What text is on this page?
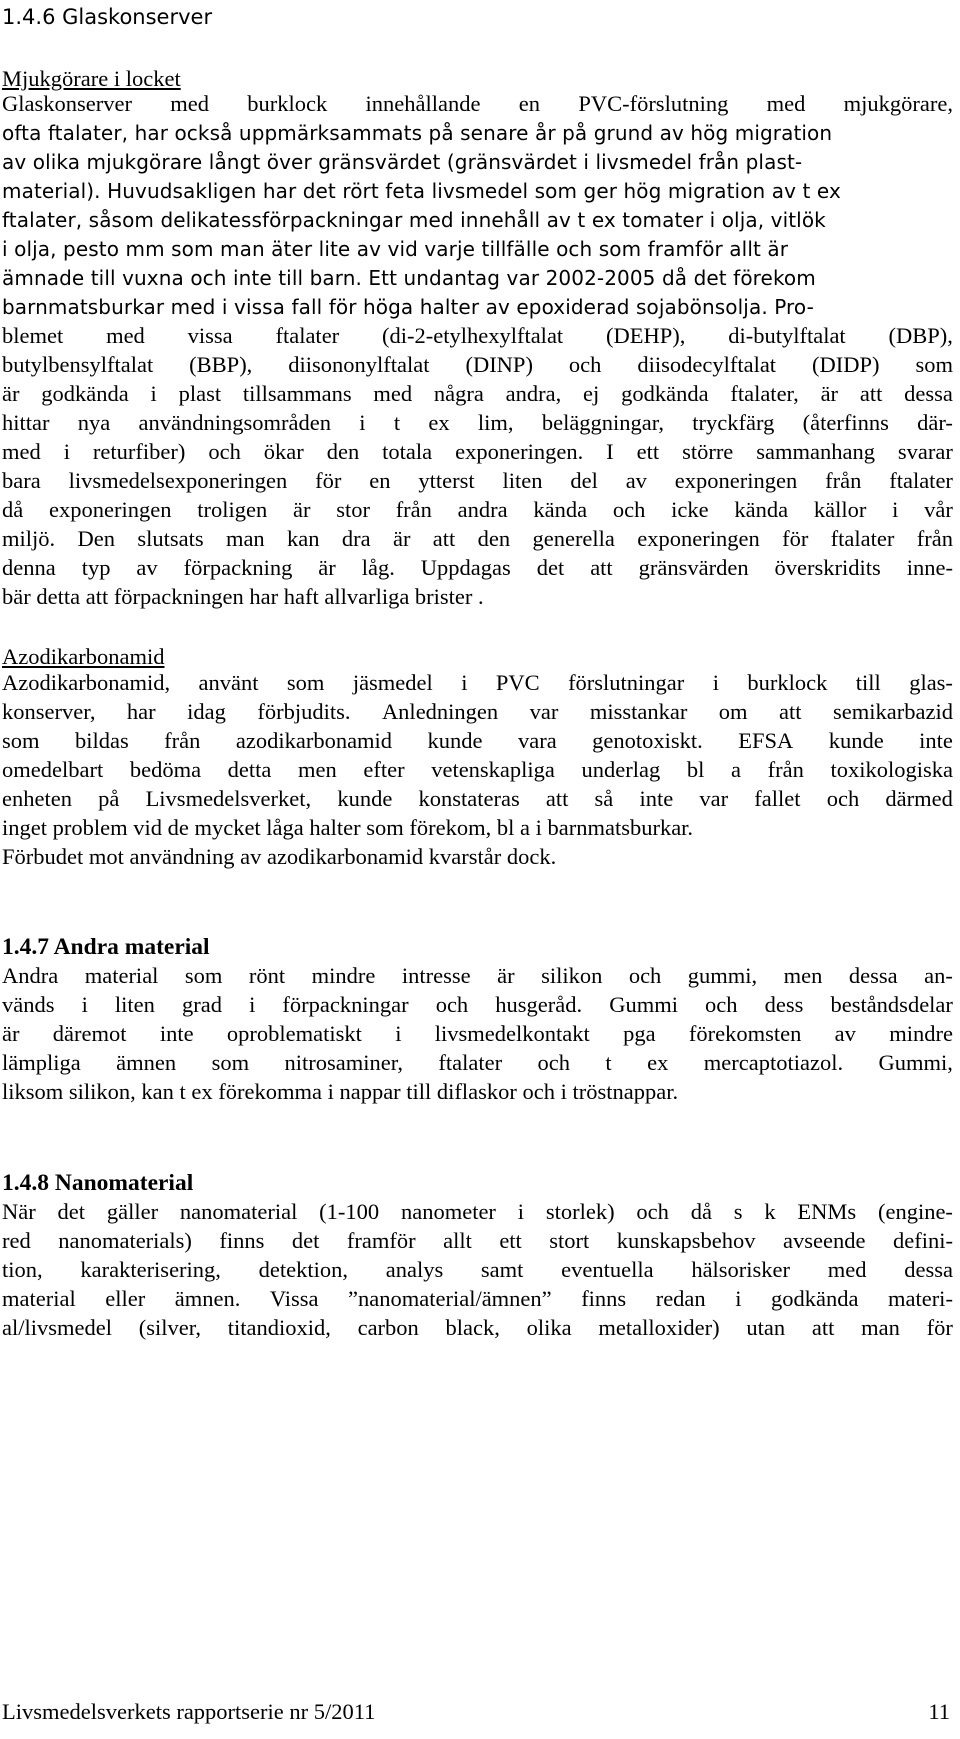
1.4.6 Glaskonserver
Mjukgörare i locket
Glaskonserver med burklock innehållande en PVC-förslutning med mjukgörare,
ofta ftalater, har också uppmärksammats på senare år på grund av hög migration
av olika mjukgörare långt över gränsvärdet (gränsvärdet i livsmedel från plast-
material). Huvudsakligen har det rört feta livsmedel som ger hög migration av t ex
ftalater, såsom delikatessförpackningar med innehåll av t ex tomater i olja, vitlök
i olja, pesto mm som man äter lite av vid varje tillfälle och som framför allt är
ämnade till vuxna och inte till barn. Ett undantag var 2002-2005 då det förekom
barnmatsburkar med i vissa fall för höga halter av epoxiderad sojabönsolja. Pro-
blemet med vissa ftalater (di-2-etylhexylftalat (DEHP), di-butylftalat (DBP),
butylbensylftalat (BBP), diisononylftalat (DINP) och diisodecylftalat (DIDP) som
är godkända i plast tillsammans med några andra, ej godkända ftalater, är att dessa
hittar nya användningsområden i t ex lim, beläggningar, tryckfärg (återfinns där-
med i returfiber) och ökar den totala exponeringen. I ett större sammanhang svarar
bara livsmedelsexponeringen för en ytterst liten del av exponeringen från ftalater
då exponeringen troligen är stor från andra kända och icke kända källor i vår
miljö. Den slutsats man kan dra är att den generella exponeringen för ftalater från
denna typ av förpackning är låg. Uppdagas det att gränsvärden överskridits inne-
bär detta att förpackningen har haft allvarliga brister .
Azodikarbonamid
Azodikarbonamid, använt som jäsmedel i PVC förslutningar i burklock till glas-
konserver, har idag förbjudits. Anledningen var misstankar om att semikarbazid
som bildas från azodikarbonamid kunde vara genotoxiskt. EFSA kunde inte
omedelbart bedöma detta men efter vetenskapliga underlag bl a från toxikologiska
enheten på Livsmedelsverket, kunde konstateras att så inte var fallet och därmed
inget problem vid de mycket låga halter som förekom, bl a i barnmatsburkar.
Förbudet mot användning av azodikarbonamid kvarstår dock.
1.4.7 Andra material
Andra material som rönt mindre intresse är silikon och gummi, men dessa an-
vänds i liten grad i förpackningar och husgeråd. Gummi och dess beståndsdelar
är däremot inte oproblematiskt i livsmedelkontakt pga förekomsten av mindre
lämpliga ämnen som nitrosaminer, ftalater och t ex mercaptotiazol. Gummi,
liksom silikon, kan t ex förekomma i nappar till diflaskor och i tröstnappar.
1.4.8 Nanomaterial
När det gäller nanomaterial (1-100 nanometer i storlek) och då s k ENMs (engine-
red nanomaterials) finns det framför allt ett stort kunskapsbehov avseende defini-
tion, karakterisering, detektion, analys samt eventuella hälsorisker med dessa
material eller ämnen. Vissa ”nanomaterial/ämnen” finns redan i godkända materi-
al/livsmedel (silver, titandioxid, carbon black, olika metalloxider) utan att man för
Livsmedelsverkets rapportserie nr 5/2011	11
